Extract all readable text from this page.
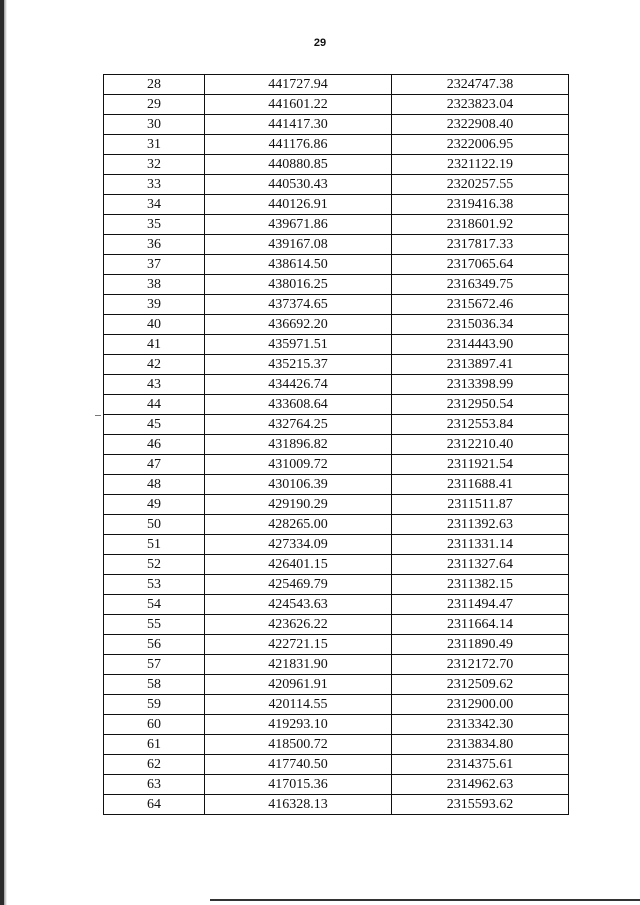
29
28	441727.94	2324747.38
29	441601.22	2323823.04
30	441417.30	2322908.40
31	441176.86	2322006.95
32	440880.85	2321122.19
33	440530.43	2320257.55
34	440126.91	2319416.38
35	439671.86	2318601.92
36	439167.08	2317817.33
37	438614.50	2317065.64
38	438016.25	2316349.75
39	437374.65	2315672.46
40	436692.20	2315036.34
41	435971.51	2314443.90
42	435215.37	2313897.41
43	434426.74	2313398.99
44	433608.64	2312950.54
45	432764.25	2312553.84
46	431896.82	2312210.40
47	431009.72	2311921.54
48	430106.39	2311688.41
49	429190.29	2311511.87
50	428265.00	2311392.63
51	427334.09	2311331.14
52	426401.15	2311327.64
53	425469.79	2311382.15
54	424543.63	2311494.47
55	423626.22	2311664.14
56	422721.15	2311890.49
57	421831.90	2312172.70
58	420961.91	2312509.62
59	420114.55	2312900.00
60	419293.10	2313342.30
61	418500.72	2313834.80
62	417740.50	2314375.61
63	417015.36	2314962.63
64	416328.13	2315593.62
